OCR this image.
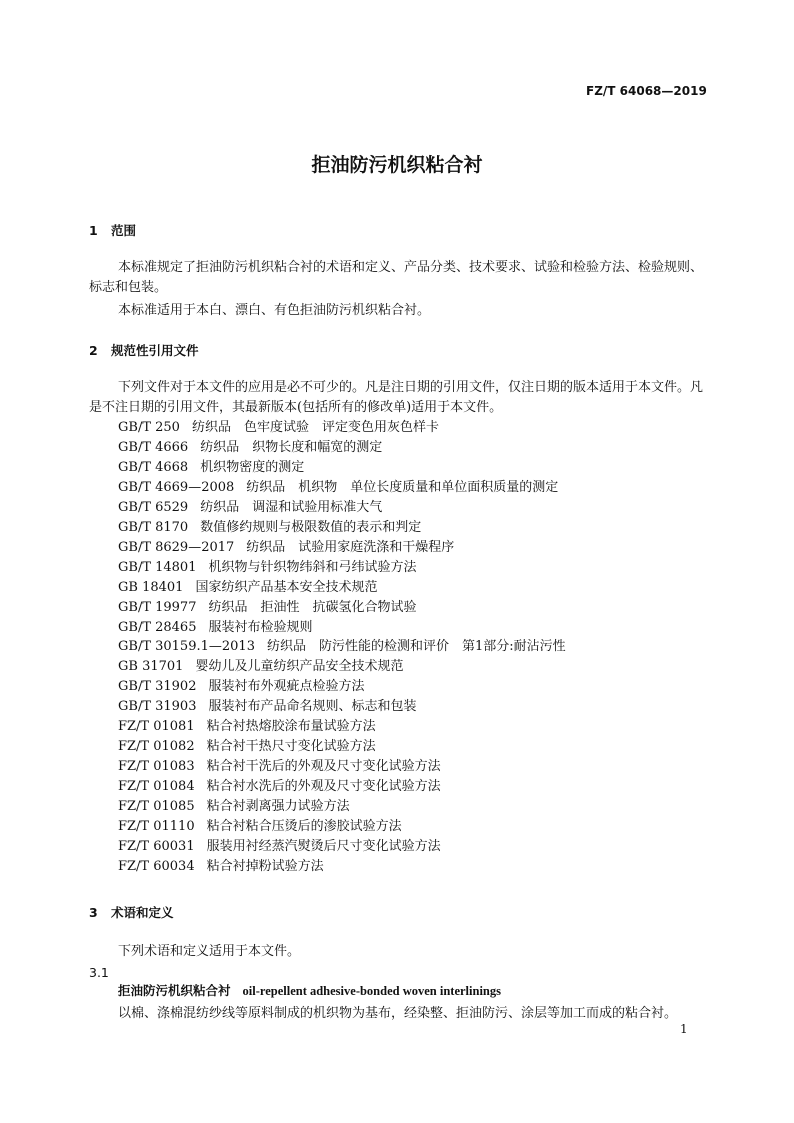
FZ/T 64068—2019
拒油防污机织粘合衬
1 范围
本标准规定了拒油防污机织粘合衬的术语和定义、产品分类、技术要求、试验和检验方法、检验规则、标志和包装。
本标准适用于本白、漂白、有色拒油防污机织粘合衬。
2 规范性引用文件
下列文件对于本文件的应用是必不可少的。凡是注日期的引用文件，仅注日期的版本适用于本文件。凡是不注日期的引用文件，其最新版本(包括所有的修改单)适用于本文件。
GB/T 250 纺织品　色牢度试验　评定变色用灰色样卡
GB/T 4666 纺织品　织物长度和幅宽的测定
GB/T 4668 机织物密度的测定
GB/T 4669—2008 纺织品　机织物　单位长度质量和单位面积质量的测定
GB/T 6529 纺织品　调湿和试验用标准大气
GB/T 8170 数值修约规则与极限数值的表示和判定
GB/T 8629—2017 纺织品　试验用家庭洗涤和干燥程序
GB/T 14801 机织物与针织物纬斜和弓纬试验方法
GB 18401 国家纺织产品基本安全技术规范
GB/T 19977 纺织品　拒油性　抗碳氢化合物试验
GB/T 28465 服装衬布检验规则
GB/T 30159.1—2013 纺织品　防污性能的检测和评价　第1部分:耐沾污性
GB 31701 婴幼儿及儿童纺织产品安全技术规范
GB/T 31902 服装衬布外观疵点检验方法
GB/T 31903 服装衬布产品命名规则、标志和包装
FZ/T 01081 粘合衬热熔胶涂布量试验方法
FZ/T 01082 粘合衬干热尺寸变化试验方法
FZ/T 01083 粘合衬干洗后的外观及尺寸变化试验方法
FZ/T 01084 粘合衬水洗后的外观及尺寸变化试验方法
FZ/T 01085 粘合衬剥离强力试验方法
FZ/T 01110 粘合衬粘合压烫后的渗胶试验方法
FZ/T 60031 服装用衬经蒸汽熨烫后尺寸变化试验方法
FZ/T 60034 粘合衬掉粉试验方法
3 术语和定义
下列术语和定义适用于本文件。
3.1
拒油防污机织粘合衬 oil-repellent adhesive-bonded woven interlinings
以棉、涤棉混纺纱线等原料制成的机织物为基布，经染整、拒油防污、涂层等加工而成的粘合衬。
1
